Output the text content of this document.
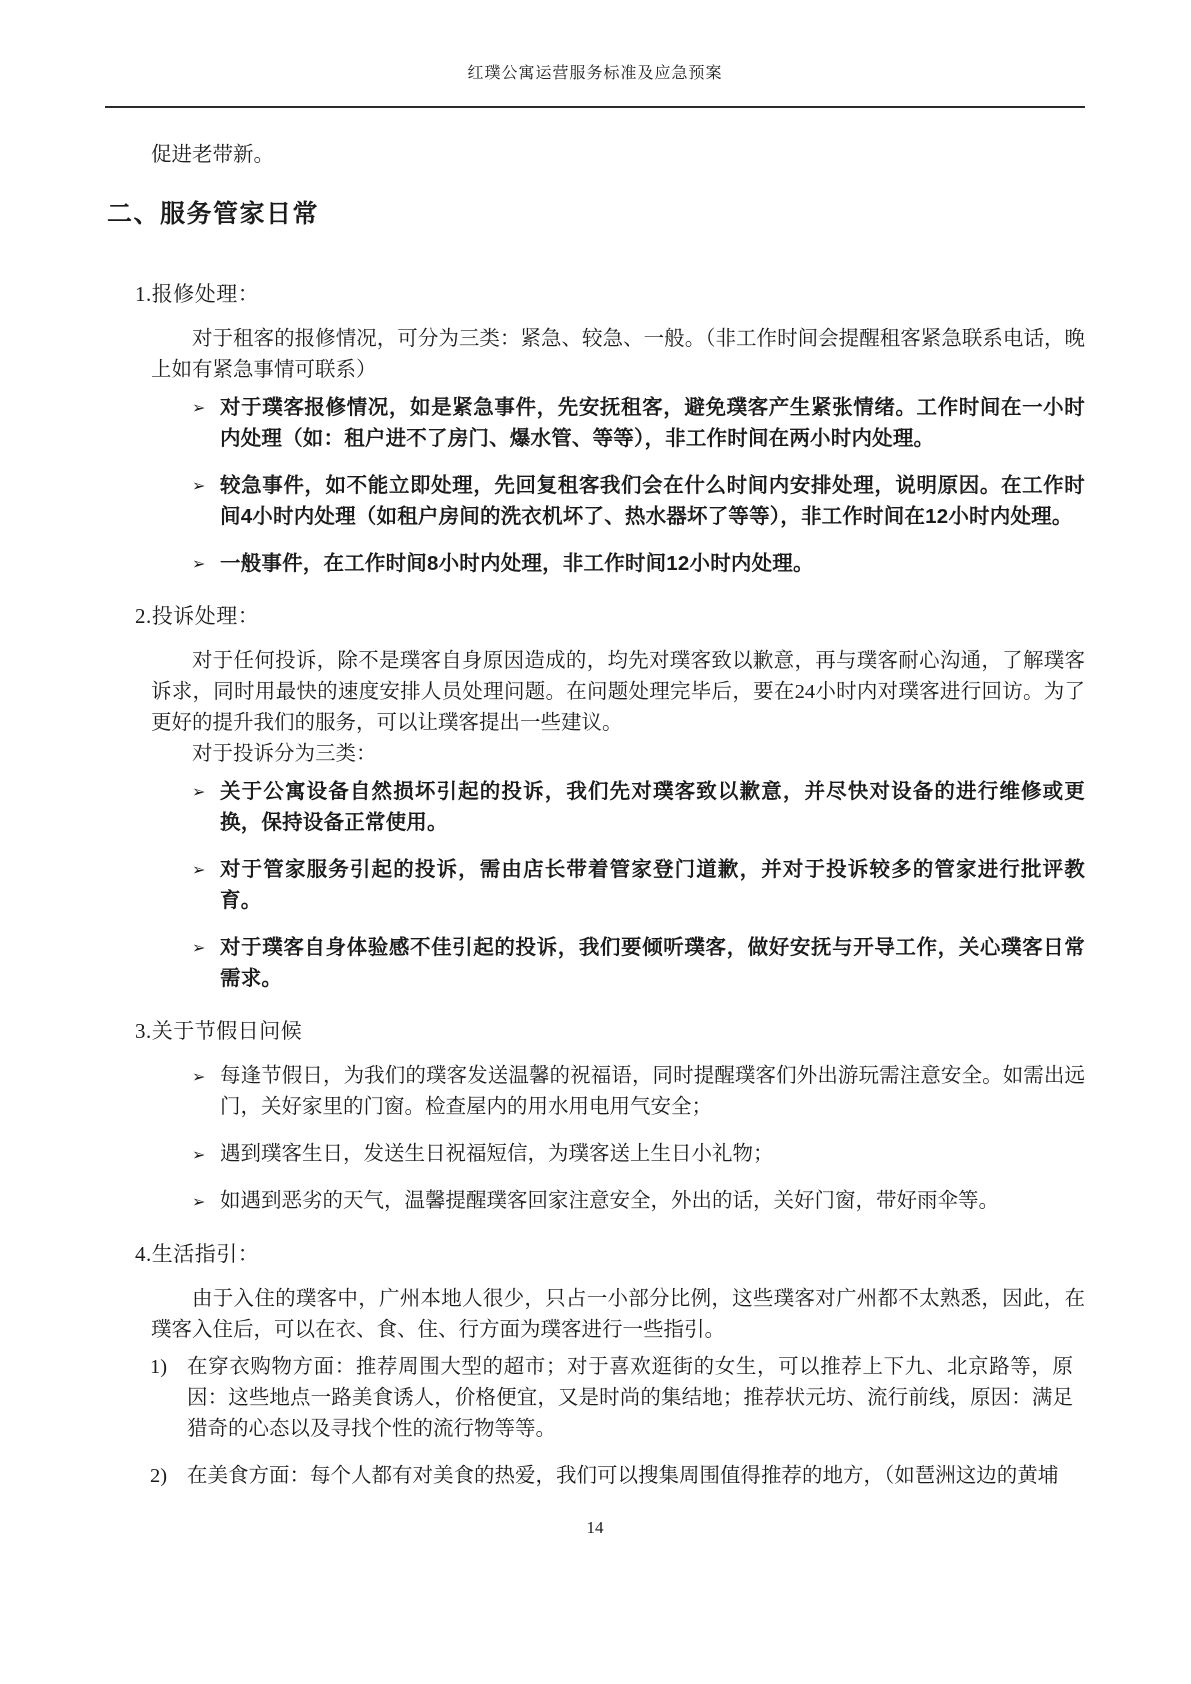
红璞公寓运营服务标准及应急预案

促进老带新。

二、服务管家日常
1.报修处理：

对于租客的报修情况，可分为三类：紧急、较急、一般。（非工作时间会提醒租客紧急联系电话，晚上如有紧急事情可联系）

➢ 对于璞客报修情况，如是紧急事件，先安抚租客，避免璞客产生紧张情绪。工作时间在一小时内处理（如：租户进不了房门、爆水管、等等），非工作时间在两小时内处理。
➢ 较急事件，如不能立即处理，先回复租客我们会在什么时间内安排处理，说明原因。在工作时间4小时内处理（如租户房间的洗衣机坏了、热水器坏了等等），非工作时间在12小时内处理。
➢ 一般事件，在工作时间8小时内处理，非工作时间12小时内处理。
2.投诉处理：

对于任何投诉，除不是璞客自身原因造成的，均先对璞客致以歉意，再与璞客耐心沟通，了解璞客诉求，同时用最快的速度安排人员处理问题。在问题处理完毕后，要在24小时内对璞客进行回访。为了更好的提升我们的服务，可以让璞客提出一些建议。

对于投诉分为三类：

➢ 关于公寓设备自然损坏引起的投诉，我们先对璞客致以歉意，并尽快对设备的进行维修或更换，保持设备正常使用。
➢ 对于管家服务引起的投诉，需由店长带着管家登门道歉，并对于投诉较多的管家进行批评教育。
➢ 对于璞客自身体验感不佳引起的投诉，我们要倾听璞客，做好安抚与开导工作，关心璞客日常需求。
3.关于节假日问候
➢ 每逢节假日，为我们的璞客发送温馨的祝福语，同时提醒璞客们外出游玩需注意安全。如需出远门，关好家里的门窗。检查屋内的用水用电用气安全；
➢ 遇到璞客生日，发送生日祝福短信，为璞客送上生日小礼物；
➢ 如遇到恶劣的天气，温馨提醒璞客回家注意安全，外出的话，关好门窗，带好雨伞等。
4.生活指引：

由于入住的璞客中，广州本地人很少，只占一小部分比例，这些璞客对广州都不太熟悉，因此，在璞客入住后，可以在衣、食、住、行方面为璞客进行一些指引。

1) 在穿衣购物方面：推荐周围大型的超市；对于喜欢逛街的女生，可以推荐上下九、北京路等，原因：这些地点一路美食诱人，价格便宜，又是时尚的集结地；推荐状元坊、流行前线，原因：满足猎奇的心态以及寻找个性的流行物等等。
2) 在美食方面：每个人都有对美食的热爱，我们可以搜集周围值得推荐的地方，（如琶洲这边的黄埔
14
